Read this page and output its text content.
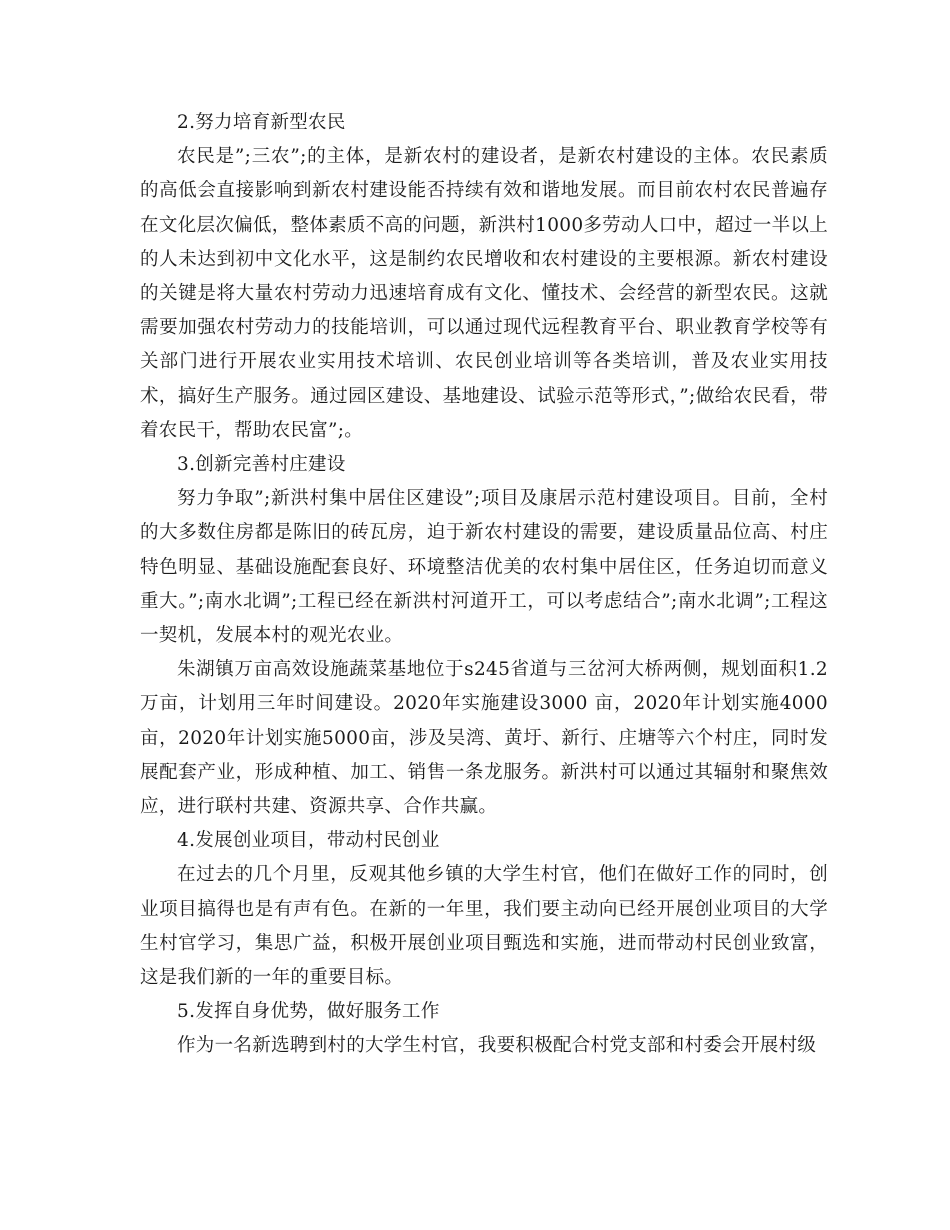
2.努力培育新型农民

农民是”;三农”;的主体，是新农村的建设者，是新农村建设的主体。农民素质的高低会直接影响到新农村建设能否持续有效和谐地发展。而目前农村农民普遍存在文化层次偏低，整体素质不高的问题，新洪村1000多劳动人口中，超过一半以上的人未达到初中文化水平，这是制约农民增收和农村建设的主要根源。新农村建设的关键是将大量农村劳动力迅速培育成有文化、懂技术、会经营的新型农民。这就需要加强农村劳动力的技能培训，可以通过现代远程教育平台、职业教育学校等有关部门进行开展农业实用技术培训、农民创业培训等各类培训，普及农业实用技术，搞好生产服务。通过园区建设、基地建设、试验示范等形式，”;做给农民看，带着农民干，帮助农民富”;。

3.创新完善村庄建设

努力争取”;新洪村集中居住区建设”;项目及康居示范村建设项目。目前，全村的大多数住房都是陈旧的砖瓦房，迫于新农村建设的需要，建设质量品位高、村庄特色明显、基础设施配套良好、环境整洁优美的农村集中居住区，任务迫切而意义重大。”;南水北调”;工程已经在新洪村河道开工，可以考虑结合”;南水北调”;工程这一契机，发展本村的观光农业。

朱湖镇万亩高效设施蔬菜基地位于s245省道与三岔河大桥两侧，规划面积1.2万亩，计划用三年时间建设。2020年实施建设3000 亩，2020年计划实施4000亩，2020年计划实施5000亩，涉及吴湾、黄圩、新行、庄塘等六个村庄，同时发展配套产业，形成种植、加工、销售一条龙服务。新洪村可以通过其辐射和聚焦效应，进行联村共建、资源共享、合作共赢。

4.发展创业项目，带动村民创业

在过去的几个月里，反观其他乡镇的大学生村官，他们在做好工作的同时，创业项目搞得也是有声有色。在新的一年里，我们要主动向已经开展创业项目的大学生村官学习，集思广益，积极开展创业项目甄选和实施，进而带动村民创业致富，这是我们新的一年的重要目标。

5.发挥自身优势，做好服务工作

作为一名新选聘到村的大学生村官，我要积极配合村党支部和村委会开展村级
